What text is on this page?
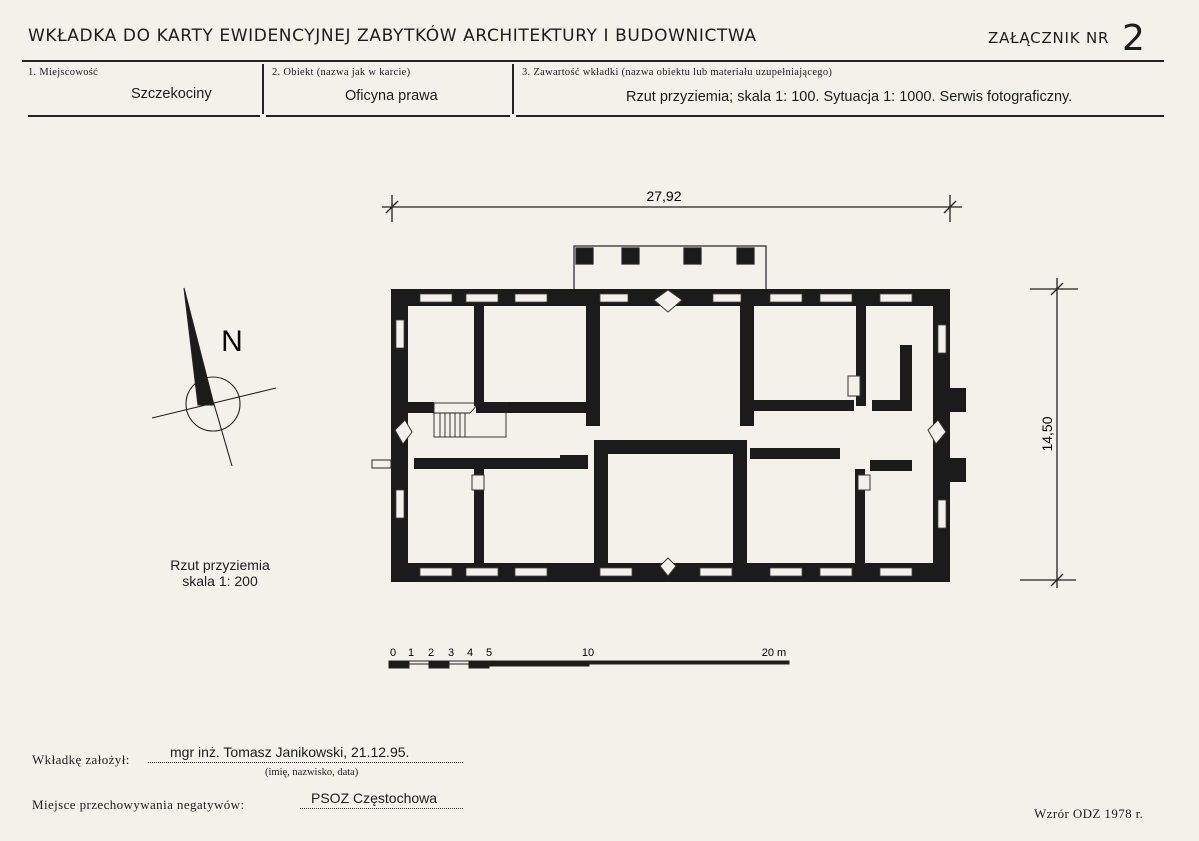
WKŁADKA DO KARTY EWIDENCYJNEJ ZABYTKÓW ARCHITEKTURY I BUDOWNICTWA	ZAŁĄCZNIK NR 2
1. Miejscowość
Szczekociny
2. Obiekt (nazwa jak w karcie)
Oficyna prawa
3. Zawartość wkładki (nazwa obiektu lub materiału uzupełniającego)
Rzut przyziemia; skala 1: 100. Sytuacja 1: 1000. Serwis fotograficzny.
27,92
14,50
N
0 1 2 3 4 5	10	20 m
Rzut przyziemia
skala 1: 200
Wkładkę założył:	mgr inż. Tomasz Janikowski, 21.12.95.
(imię, nazwisko, data)
Miejsce przechowywania negatywów:	PSOZ Częstochowa
Wzrór ODZ 1978 r.
